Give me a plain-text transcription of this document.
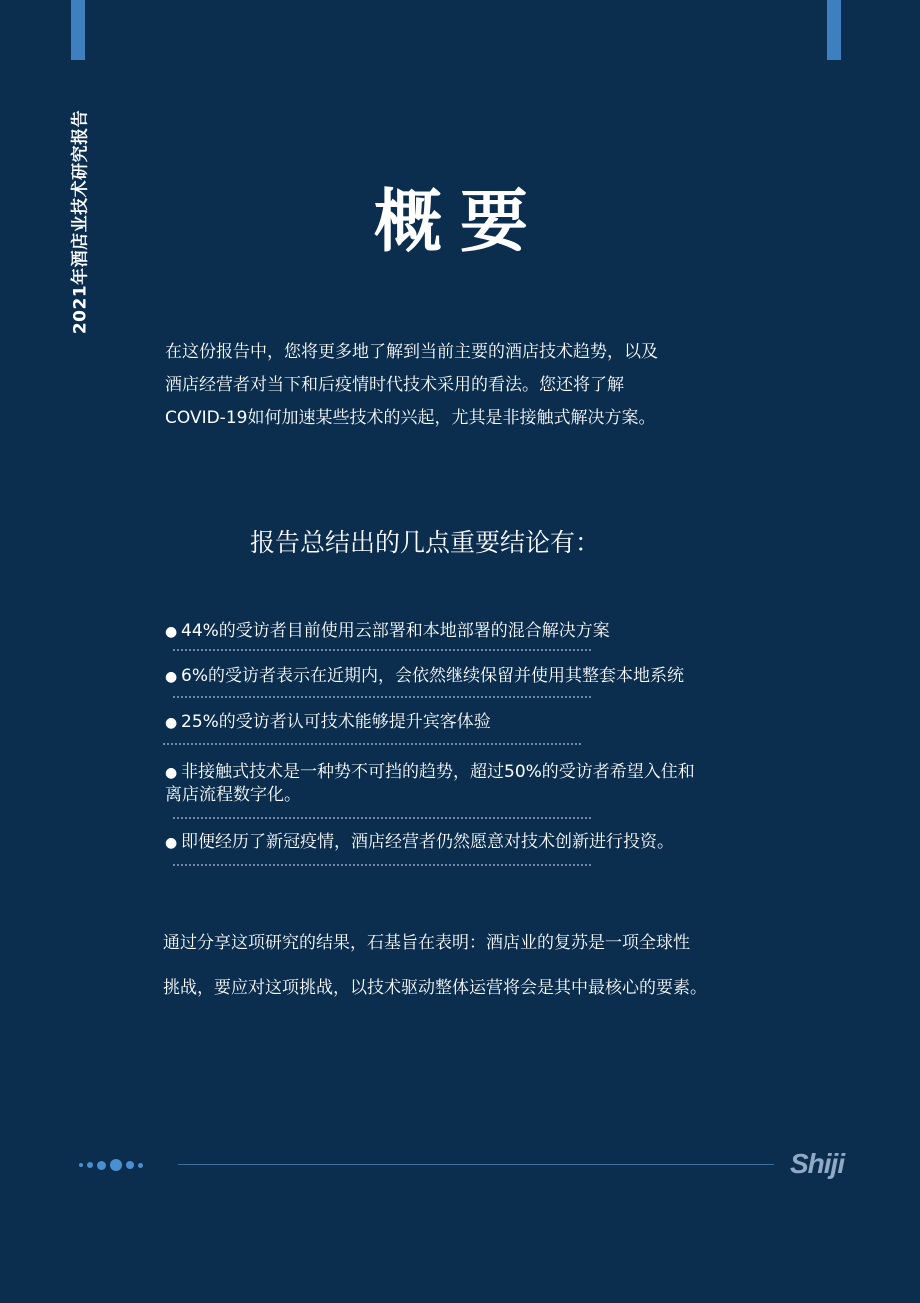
2021年酒店业技术研究报告	概要

在这份报告中，您将更多地了解到当前主要的酒店技术趋势，以及

酒店经营者对当下和后疫情时代技术采用的看法。您还将了解

COVID-19如何加速某些技术的兴起，尤其是非接触式解决方案。

报告总结出的几点重要结论有：
● 44%的受访者目前使用云部署和本地部署的混合解决方案
● 6%的受访者表示在近期内，会依然继续保留并使用其整套本地系统
● 25%的受访者认可技术能够提升宾客体验
● 非接触式技术是一种势不可挡的趋势，超过50%的受访者希望入住和
离店流程数字化。
● 即便经历了新冠疫情，酒店经营者仍然愿意对技术创新进行投资。
通过分享这项研究的结果，石基旨在表明：酒店业的复苏是一项全球性
挑战，要应对这项挑战，以技术驱动整体运营将会是其中最核心的要素。
Shiji
